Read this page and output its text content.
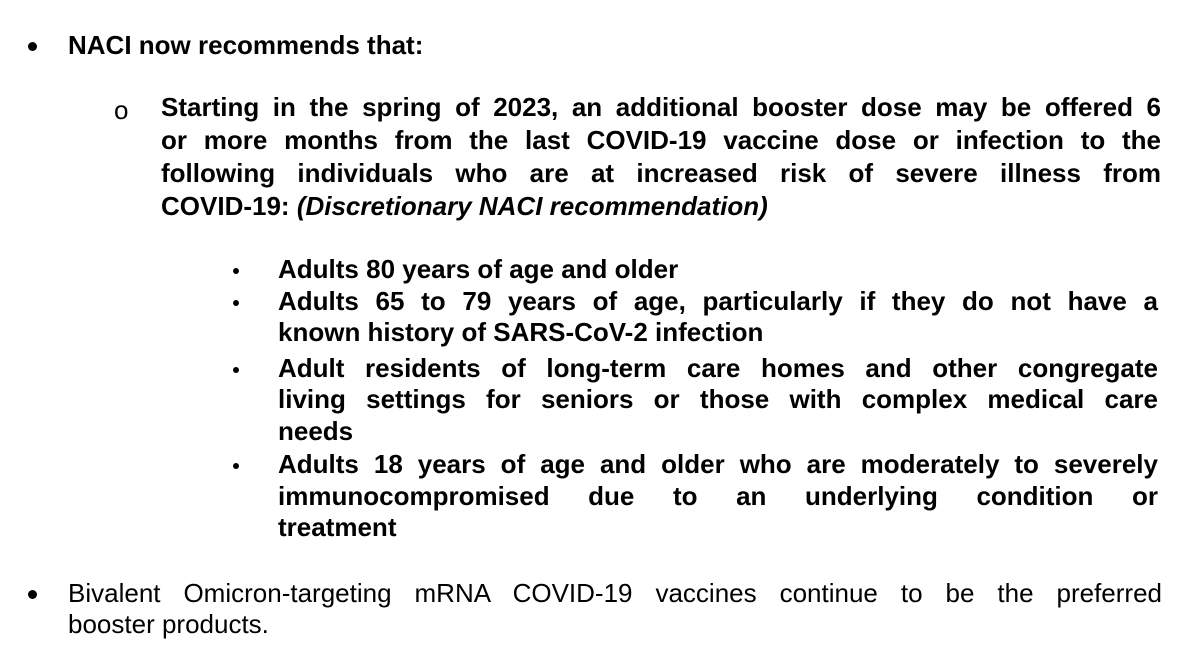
NACI now recommends that:
o Starting in the spring of 2023, an additional booster dose may be offered 6
or more months from the last COVID-19 vaccine dose or infection to the
following individuals who are at increased risk of severe illness from
COVID-19: (Discretionary NACI recommendation)
Adults 80 years of age and older
Adults 65 to 79 years of age, particularly if they do not have a
known history of SARS-CoV-2 infection
Adult residents of long-term care homes and other congregate
living settings for seniors or those with complex medical care
needs
Adults 18 years of age and older who are moderately to severely
immunocompromised due to an underlying condition or
treatment
Bivalent Omicron-targeting mRNA COVID-19 vaccines continue to be the preferred
booster products.
